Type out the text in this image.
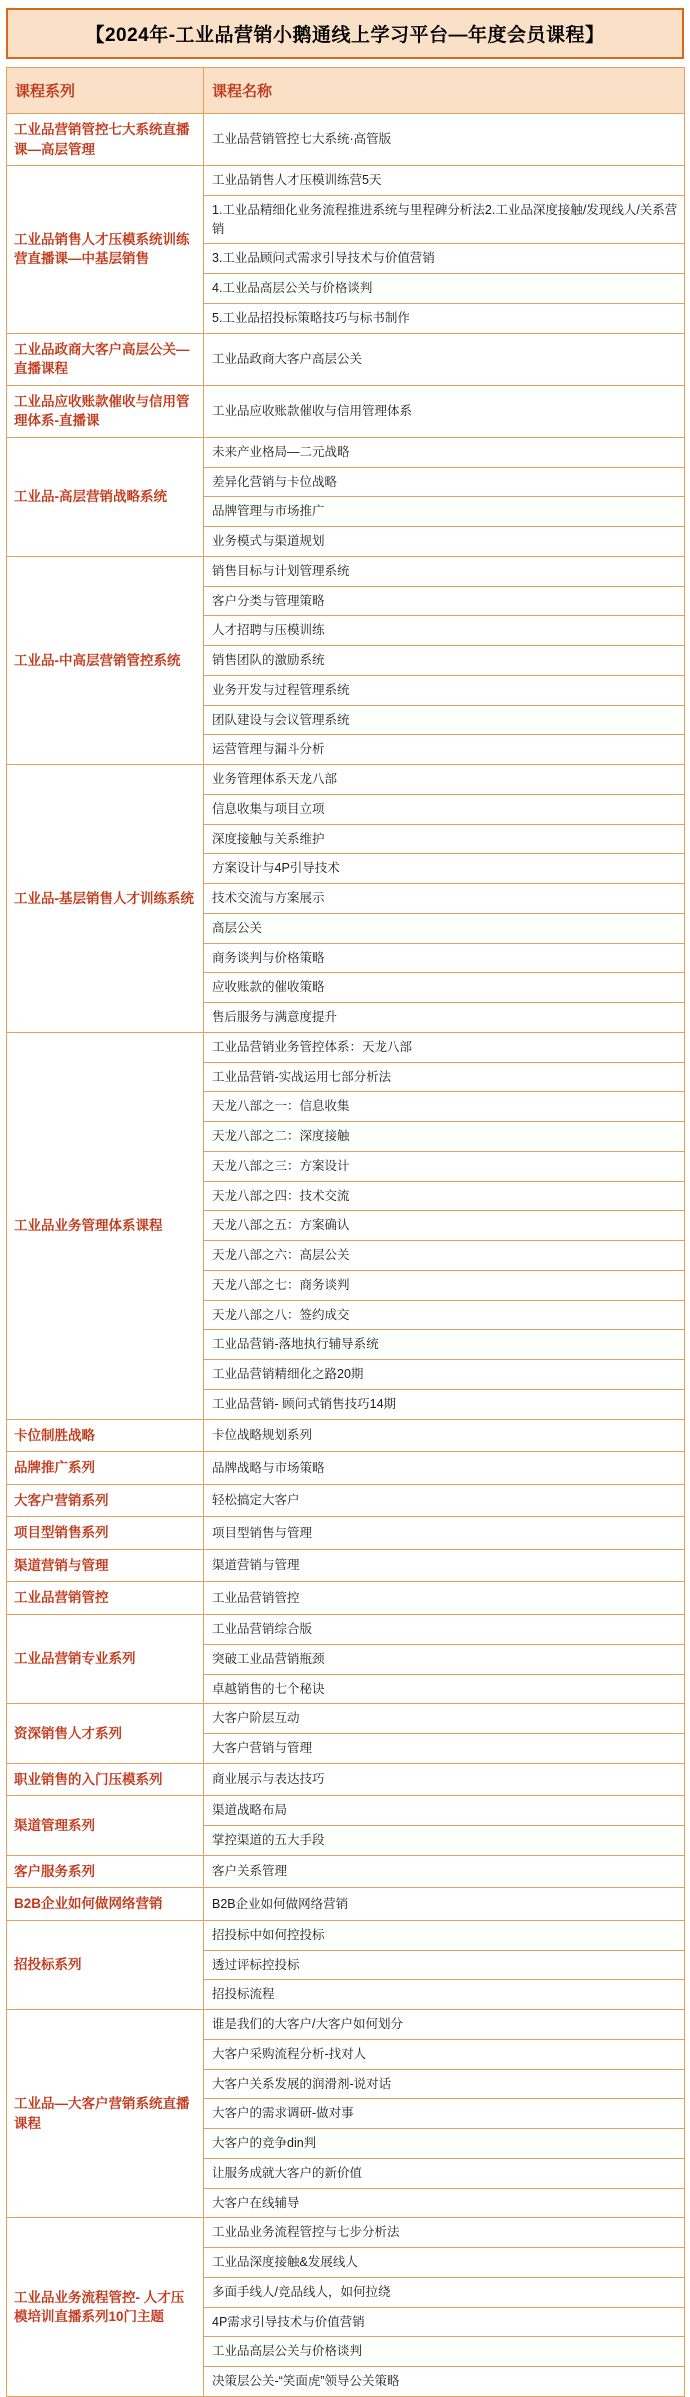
【2024年-工业品营销小鹅通线上学习平台—年度会员课程】
课程系列	课程名称
工业品营销管控七大系统直播课—高层管理	工业品营销管控七大系统·高管版
工业品销售人才压模系统训练营直播课—中基层销售	工业品销售人才压模训练营5天
	1.工业品精细化业务流程推进系统与里程碑分析法2.工业品深度接触/发现线人/关系营销
	3.工业品顾问式需求引导技术与价值营销
	4.工业品高层公关与价格谈判
	5.工业品招投标策略技巧与标书制作
工业品政商大客户高层公关—直播课程	工业品政商大客户高层公关
工业品应收账款催收与信用管理体系-直播课	工业品应收账款催收与信用管理体系
工业品-高层营销战略系统	未来产业格局—二元战略
	差异化营销与卡位战略
	品牌管理与市场推广
	业务模式与渠道规划
工业品-中高层营销管控系统	销售目标与计划管理系统
	客户分类与管理策略
	人才招聘与压模训练
	销售团队的激励系统
	业务开发与过程管理系统
	团队建设与会议管理系统
	运营管理与漏斗分析
工业品-基层销售人才训练系统	业务管理体系天龙八部
	信息收集与项目立项
	深度接触与关系维护
	方案设计与4P引导技术
	技术交流与方案展示
	高层公关
	商务谈判与价格策略
	应收账款的催收策略
	售后服务与满意度提升
工业品业务管理体系课程	工业品营销业务管控体系：天龙八部
	工业品营销-实战运用七部分析法
	天龙八部之一：信息收集
	天龙八部之二：深度接触
	天龙八部之三：方案设计
	天龙八部之四：技术交流
	天龙八部之五：方案确认
	天龙八部之六：高层公关
	天龙八部之七：商务谈判
	天龙八部之八：签约成交
	工业品营销-落地执行辅导系统
	工业品营销精细化之路20期
	工业品营销- 顾问式销售技巧14期
卡位制胜战略	卡位战略规划系列
品牌推广系列	品牌战略与市场策略
大客户营销系列	轻松搞定大客户
项目型销售系列	项目型销售与管理
渠道营销与管理	渠道营销与管理
工业品营销管控	工业品营销管控
工业品营销专业系列	工业品营销综合版
	突破工业品营销瓶颈
	卓越销售的七个秘诀
资深销售人才系列	大客户阶层互动
	大客户营销与管理
职业销售的入门压模系列	商业展示与表达技巧
渠道管理系列	渠道战略布局
	掌控渠道的五大手段
客户服务系列	客户关系管理
B2B企业如何做网络营销	B2B企业如何做网络营销
招投标系列	招投标中如何控投标
	透过评标控投标
	招投标流程
工业品—大客户营销系统直播课程	谁是我们的大客户/大客户如何划分
	大客户采购流程分析-找对人
	大客户关系发展的润滑剂-说对话
	大客户的需求调研-做对事
	大客户的竞争din判
	让服务成就大客户的新价值
	大客户在线辅导
工业品业务流程管控- 人才压模培训直播系列10门主题	工业品业务流程管控与七步分析法
	工业品深度接触&发展线人
	多面手线人/竞品线人，如何拉绕
	4P需求引导技术与价值营销
	工业品高层公关与价格谈判
	决策层公关-“笑面虎”领导公关策略
